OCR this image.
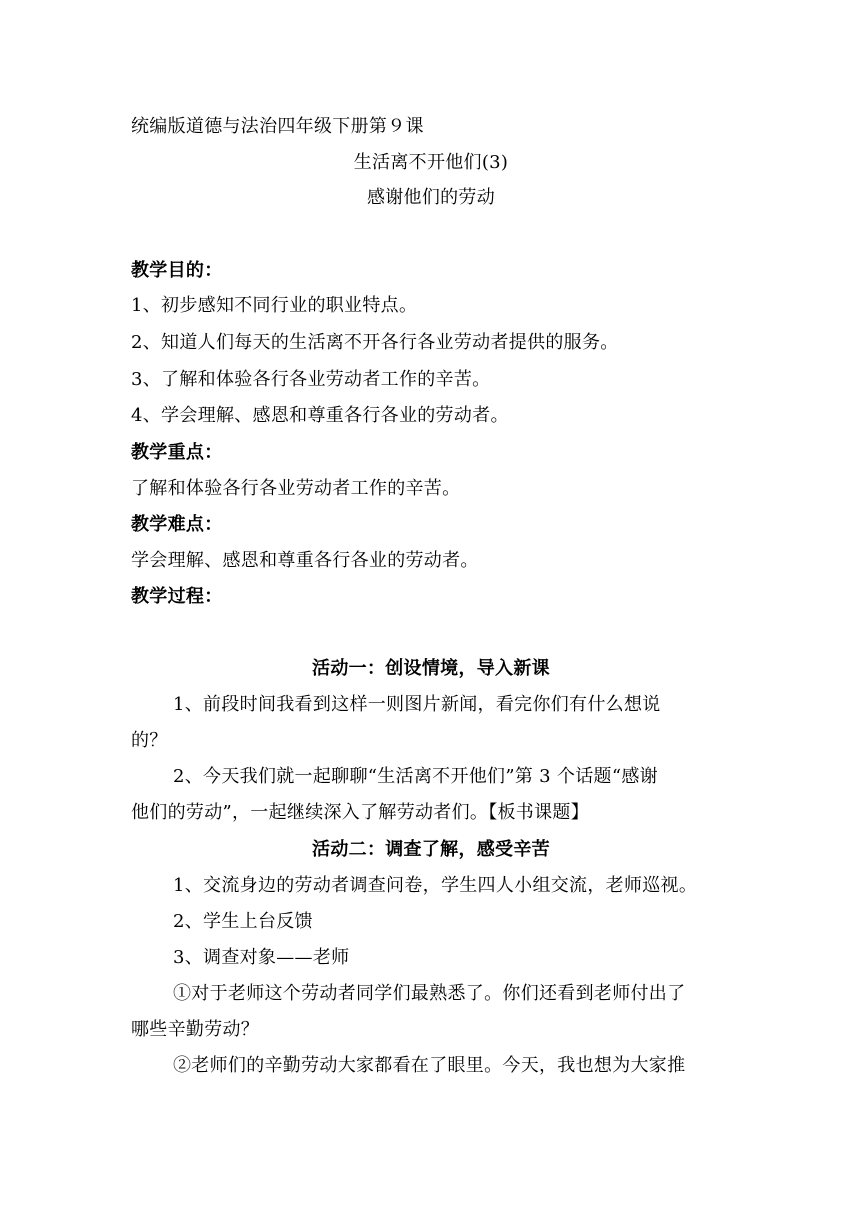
统编版道德与法治四年级下册第９课
生活离不开他们(3)
感谢他们的劳动
教学目的：
1、初步感知不同行业的职业特点。
2、知道人们每天的生活离不开各行各业劳动者提供的服务。
3、了解和体验各行各业劳动者工作的辛苦。
4、学会理解、感恩和尊重各行各业的劳动者。
教学重点：
了解和体验各行各业劳动者工作的辛苦。
教学难点：
学会理解、感恩和尊重各行各业的劳动者。
教学过程：
活动一：创设情境，导入新课
1、前段时间我看到这样一则图片新闻，看完你们有什么想说
的？
2、今天我们就一起聊聊“生活离不开他们”第 3 个话题“感谢
他们的劳动”，一起继续深入了解劳动者们。【板书课题】
活动二：调查了解，感受辛苦
1、交流身边的劳动者调查问卷，学生四人小组交流，老师巡视。
2、学生上台反馈
3、调查对象——老师
①对于老师这个劳动者同学们最熟悉了。你们还看到老师付出了
哪些辛勤劳动？
②老师们的辛勤劳动大家都看在了眼里。今天，我也想为大家推
